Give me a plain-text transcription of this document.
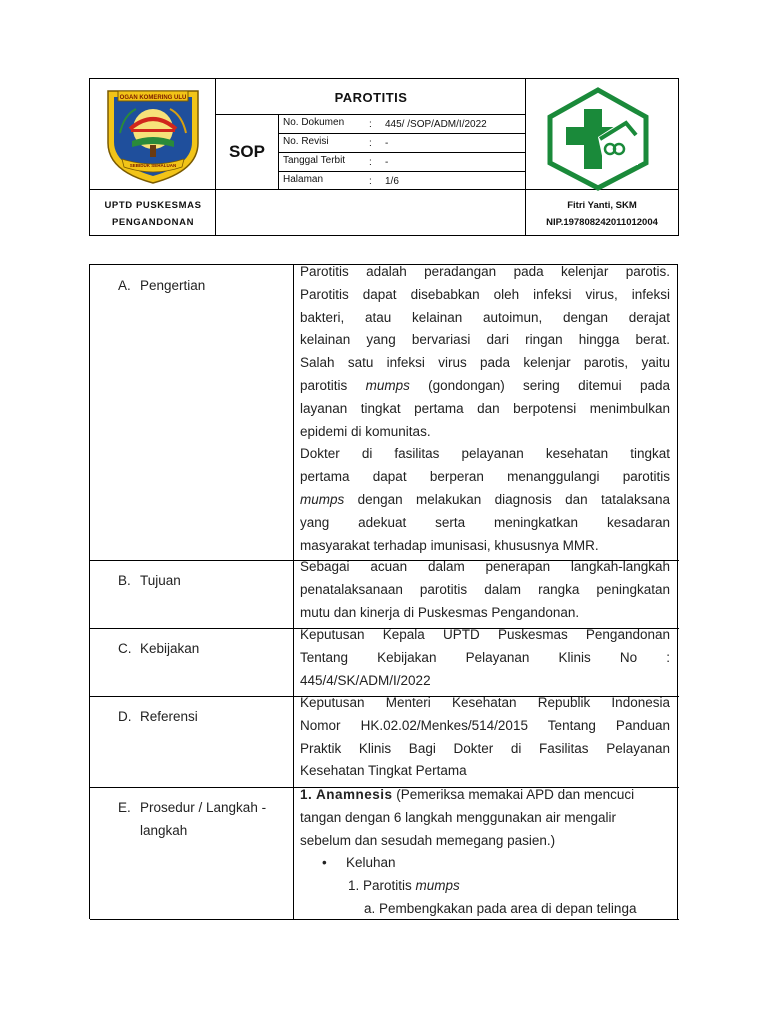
OGAN KOMERING ULU
SEBIDUK SEHALUAN
PAROTITIS
SOP
No. Dokumen : 445/ /SOP/ADM/I/2022
No. Revisi	: -
Tanggal Terbit : -
Halaman	: 1/6
UPTD PUSKESMAS
PENGANDONAN
Fitri Yanti, SKM
NIP.197808242011012004
A. Pengertian

Parotitis adalah peradangan pada kelenjar parotis.

Parotitis dapat disebabkan oleh infeksi virus, infeksi

bakteri, atau kelainan autoimun, dengan derajat

kelainan yang bervariasi dari ringan hingga berat.

Salah satu infeksi virus pada kelenjar parotis, yaitu

parotitis mumps (gondongan) sering ditemui pada

layanan tingkat pertama dan berpotensi menimbulkan

epidemi di komunitas.

Dokter di fasilitas pelayanan kesehatan tingkat

pertama dapat berperan menanggulangi parotitis

mumps dengan melakukan diagnosis dan tatalaksana

yang adekuat serta meningkatkan kesadaran

masyarakat terhadap imunisasi, khususnya MMR.

B. Tujuan

Sebagai acuan dalam penerapan langkah-langkah

penatalaksanaan parotitis dalam rangka peningkatan

mutu dan kinerja di Puskesmas Pengandonan.

C. Kebijakan

Keputusan Kepala UPTD Puskesmas Pengandonan

Tentang Kebijakan Pelayanan Klinis No :

445/4/SK/ADM/I/2022

D. Referensi

Keputusan Menteri Kesehatan Republik Indonesia

Nomor HK.02.02/Menkes/514/2015 Tentang Panduan

Praktik Klinis Bagi Dokter di Fasilitas Pelayanan

Kesehatan Tingkat Pertama

E. Prosedur / Langkah -
langkah

1. Anamnesis (Pemeriksa memakai APD dan mencuci

tangan dengan 6 langkah menggunakan air mengalir

sebelum dan sesudah memegang pasien.)

• Keluhan

1. Parotitis mumps

a. Pembengkakan pada area di depan telinga
